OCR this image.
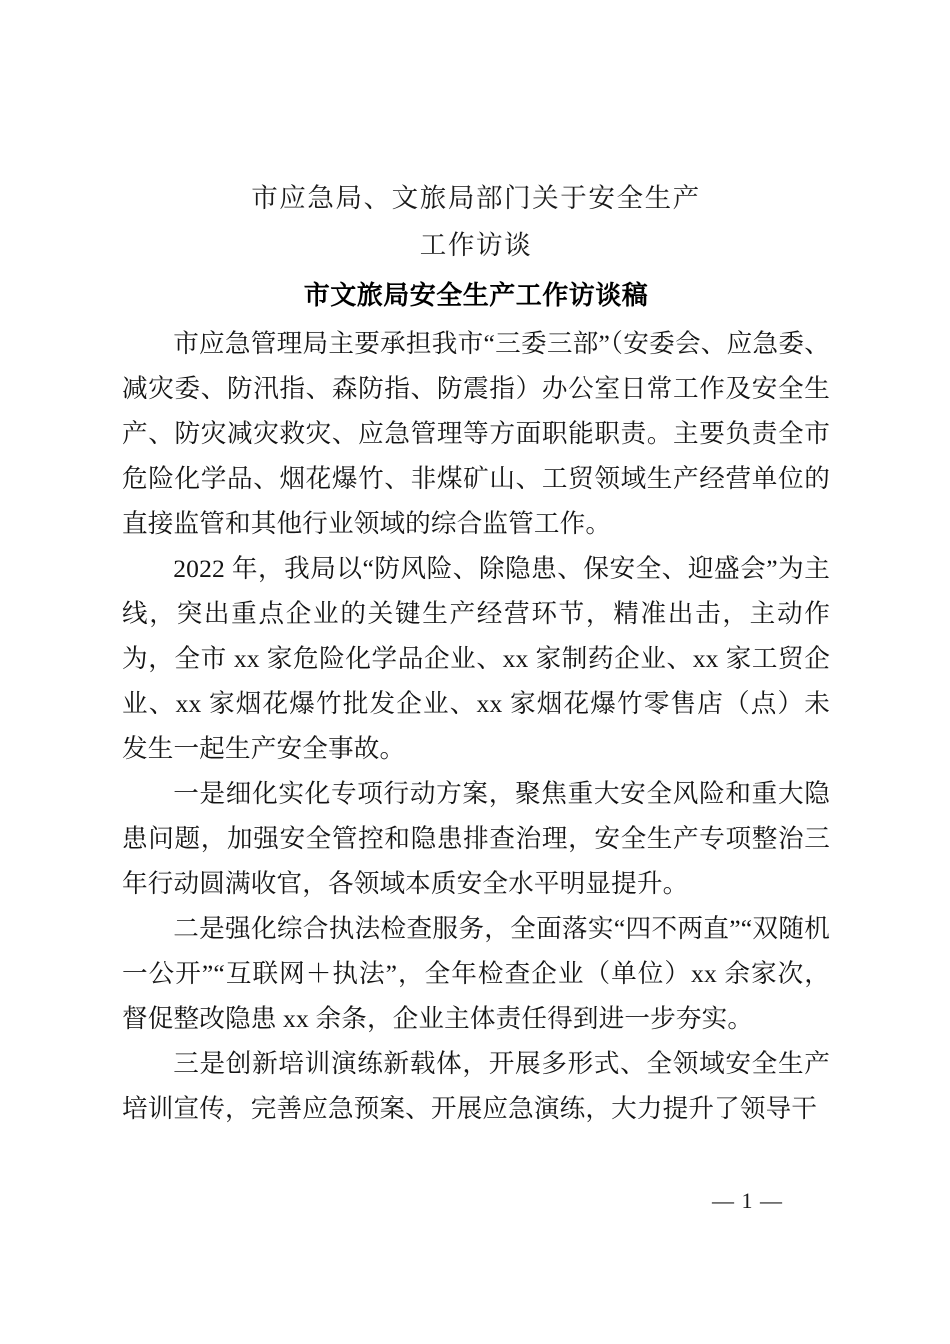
市应急局、文旅局部门关于安全生产
工作访谈
市文旅局安全生产工作访谈稿

市应急管理局主要承担我市“三委三部”（安委会、应急委、减灾委、防汛指、森防指、防震指）办公室日常工作及安全生产、防灾减灾救灾、应急管理等方面职能职责。主要负责全市危险化学品、烟花爆竹、非煤矿山、工贸领域生产经营单位的直接监管和其他行业领域的综合监管工作。

2022 年，我局以“防风险、除隐患、保安全、迎盛会”为主线，突出重点企业的关键生产经营环节，精准出击，主动作为，全市 xx 家危险化学品企业、xx 家制药企业、xx 家工贸企业、xx 家烟花爆竹批发企业、xx 家烟花爆竹零售店（点）未发生一起生产安全事故。

一是细化实化专项行动方案，聚焦重大安全风险和重大隐患问题，加强安全管控和隐患排查治理，安全生产专项整治三年行动圆满收官，各领域本质安全水平明显提升。

二是强化综合执法检查服务，全面落实“四不两直”“双随机一公开”“互联网＋执法”，全年检查企业（单位）xx 余家次，督促整改隐患 xx 余条，企业主体责任得到进一步夯实。

三是创新培训演练新载体，开展多形式、全领域安全生产培训宣传，完善应急预案、开展应急演练，大力提升了领导干

— 1 —
